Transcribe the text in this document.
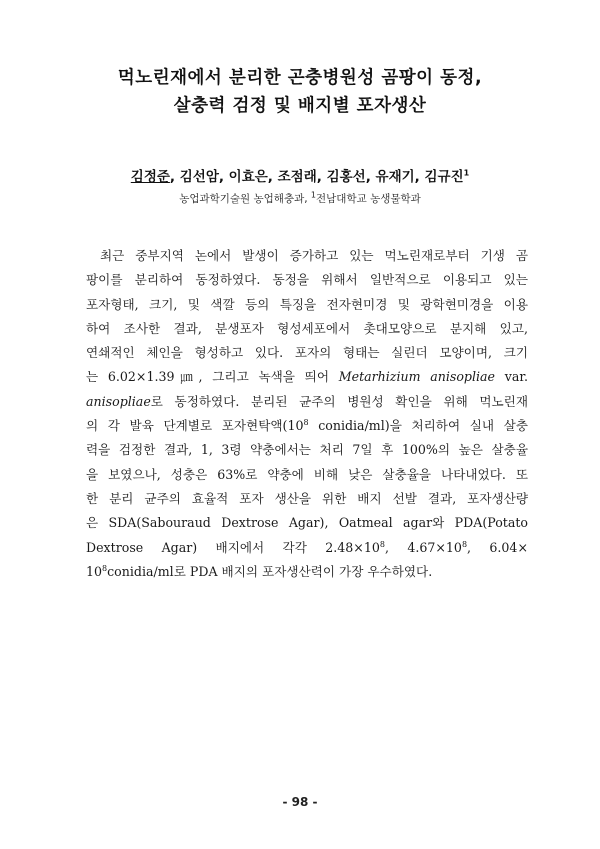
먹노린재에서 분리한 곤충병원성 곰팡이 동정,
살충력 검정 및 배지별 포자생산
김정준, 김선암, 이효은, 조점래, 김홍선, 유재기, 김규진$^1$
농업과학기술원 농업해충과, $^1$전남대학교 농생물학과
최근 중부지역 논에서 발생이 증가하고 있는 먹노린재로부터 기생 곰
팡이를 분리하여 동정하였다. 동정을 위해서 일반적으로 이용되고 있는
포자형태, 크기, 및 색깔 등의 특징을 전자현미경 및 광학현미경을 이용
하여 조사한 결과, 분생포자 형성세포에서 촛대모양으로 분지해 있고,
연쇄적인 체인을 형성하고 있다. 포자의 형태는 실린더 모양이며, 크기
는 6.02×1.39㎛, 그리고 녹색을 띄어 Metarhizium anisopliae var.
anisopliae로 동정하였다. 분리된 균주의 병원성 확인을 위해 먹노린재
의 각 발육 단계별로 포자현탁액($10^8$ conidia/ml)을 처리하여 실내 살충
력을 검정한 결과, 1, 3령 약충에서는 처리 7일 후 100%의 높은 살충율
을 보였으나, 성충은 63%로 약충에 비해 낮은 살충율을 나타내었다. 또
한 분리 균주의 효율적 포자 생산을 위한 배지 선발 결과, 포자생산량
은 SDA(Sabouraud Dextrose Agar), Oatmeal agar와 PDA(Potato
Dextrose Agar) 배지에서 각각 $2.48\times 10^8$, $4.67\times 10^8$, 6.04×
$10^8conidia/ml$로 PDA 배지의 포자생산력이 가장 우수하였다.
- 98 -
